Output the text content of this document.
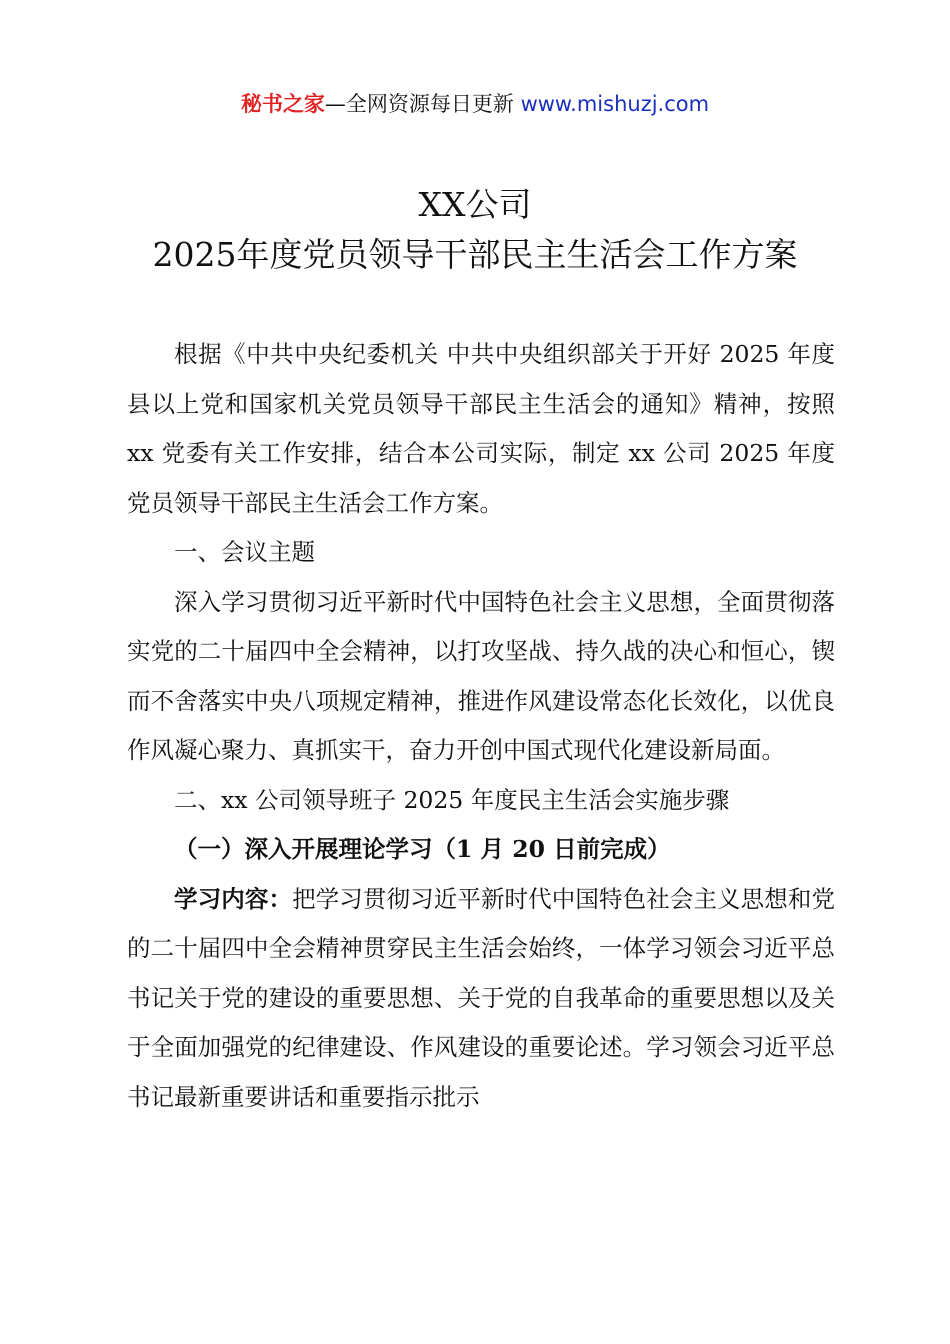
秘书之家—全网资源每日更新 www.mishuzj.com
XX公司
2025年度党员领导干部民主生活会工作方案

根据《中共中央纪委机关 中共中央组织部关于开好 2025 年度县以上党和国家机关党员领导干部民主生活会的通知》精神，按照 xx 党委有关工作安排，结合本公司实际，制定 xx 公司 2025 年度党员领导干部民主生活会工作方案。

一、会议主题

深入学习贯彻习近平新时代中国特色社会主义思想，全面贯彻落实党的二十届四中全会精神，以打攻坚战、持久战的决心和恒心，锲而不舍落实中央八项规定精神，推进作风建设常态化长效化，以优良作风凝心聚力、真抓实干，奋力开创中国式现代化建设新局面。

二、xx 公司领导班子 2025 年度民主生活会实施步骤

（一）深入开展理论学习（1 月 20 日前完成）

学习内容：把学习贯彻习近平新时代中国特色社会主义思想和党的二十届四中全会精神贯穿民主生活会始终，一体学习领会习近平总书记关于党的建设的重要思想、关于党的自我革命的重要思想以及关于全面加强党的纪律建设、作风建设的重要论述。学习领会习近平总书记最新重要讲话和重要指示批示
